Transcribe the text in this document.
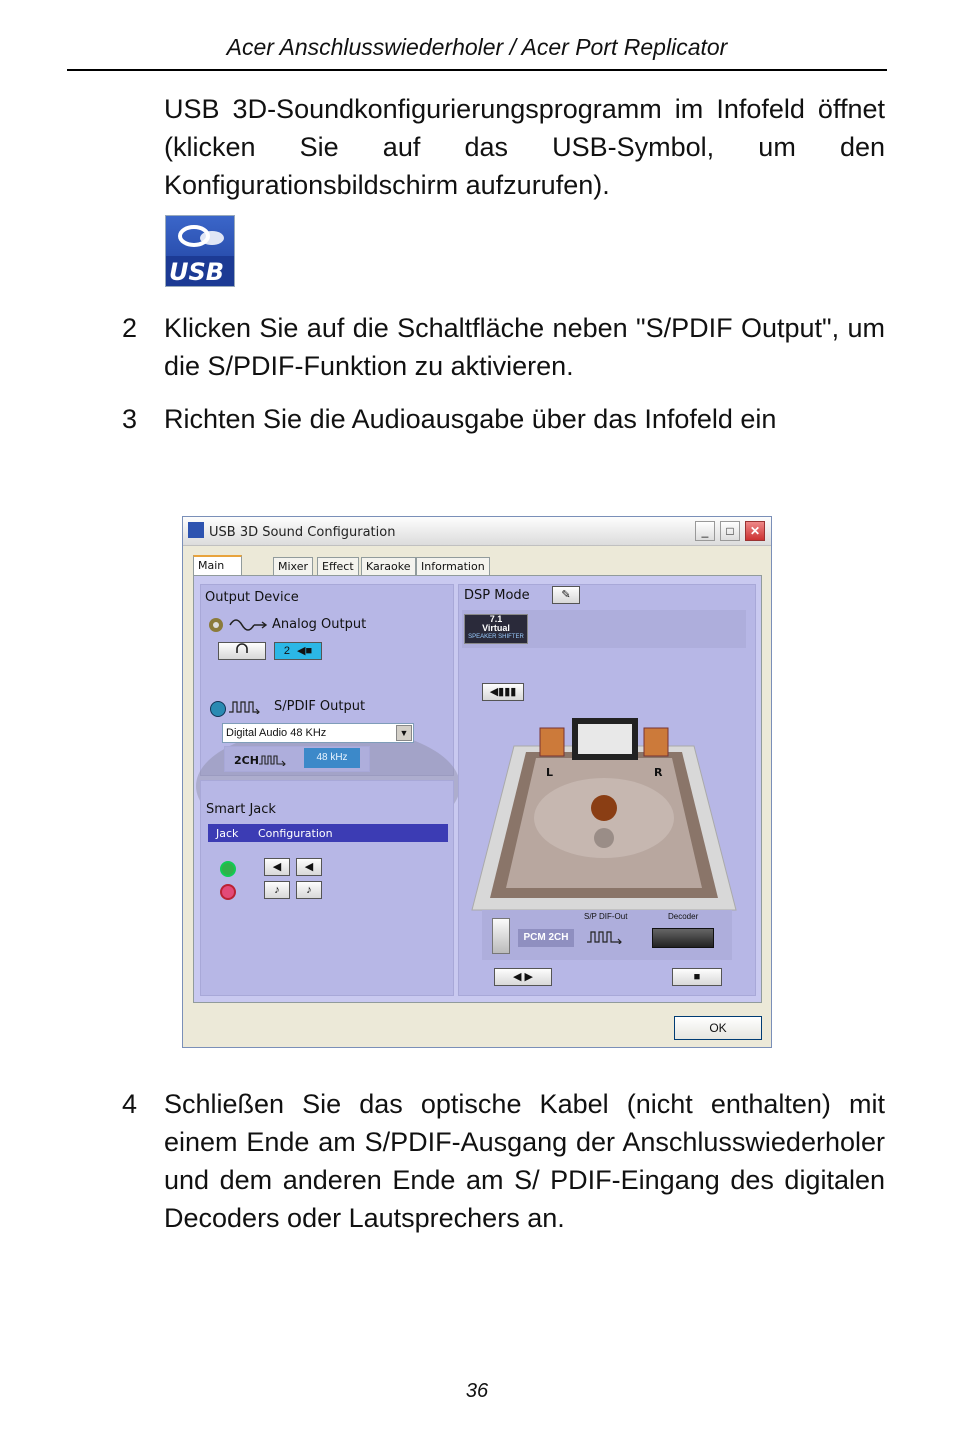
Acer Anschlusswiederholer / Acer Port Replicator
USB 3D-Soundkonfigurierungsprogramm im Infofeld öffnet (klicken Sie auf das USB-Symbol, um den Konfigurationsbildschirm aufzurufen).
USB
2 Klicken Sie auf die Schaltfläche neben "S/PDIF Output", um die S/PDIF-Funktion zu aktivieren.
3 Richten Sie die Audioausgabe über das Infofeld ein
USB 3D Sound Configuration	_	□	✕
Main	Mixer	Effect	Karaoke Information
Output Device
Analog Output
2 ◀■
S/PDIF Output
Digital Audio 48 KHz	▼
2CH	48 kHz
Smart Jack
Jack Configuration
◀	◀
♪	♪
DSP Mode	✎
7.1
Virtual
SPEAKER SHIFTER
◀▮▮▮
L	R
PCM 2CH
S/P DIF-Out	Decoder
◀ ▶	■
OK
4 Schließen Sie das optische Kabel (nicht enthalten) mit einem Ende am S/PDIF-Ausgang der Anschlusswiederholer und dem anderen Ende am S/ PDIF-Eingang des digitalen Decoders oder Lautsprechers an.
36
